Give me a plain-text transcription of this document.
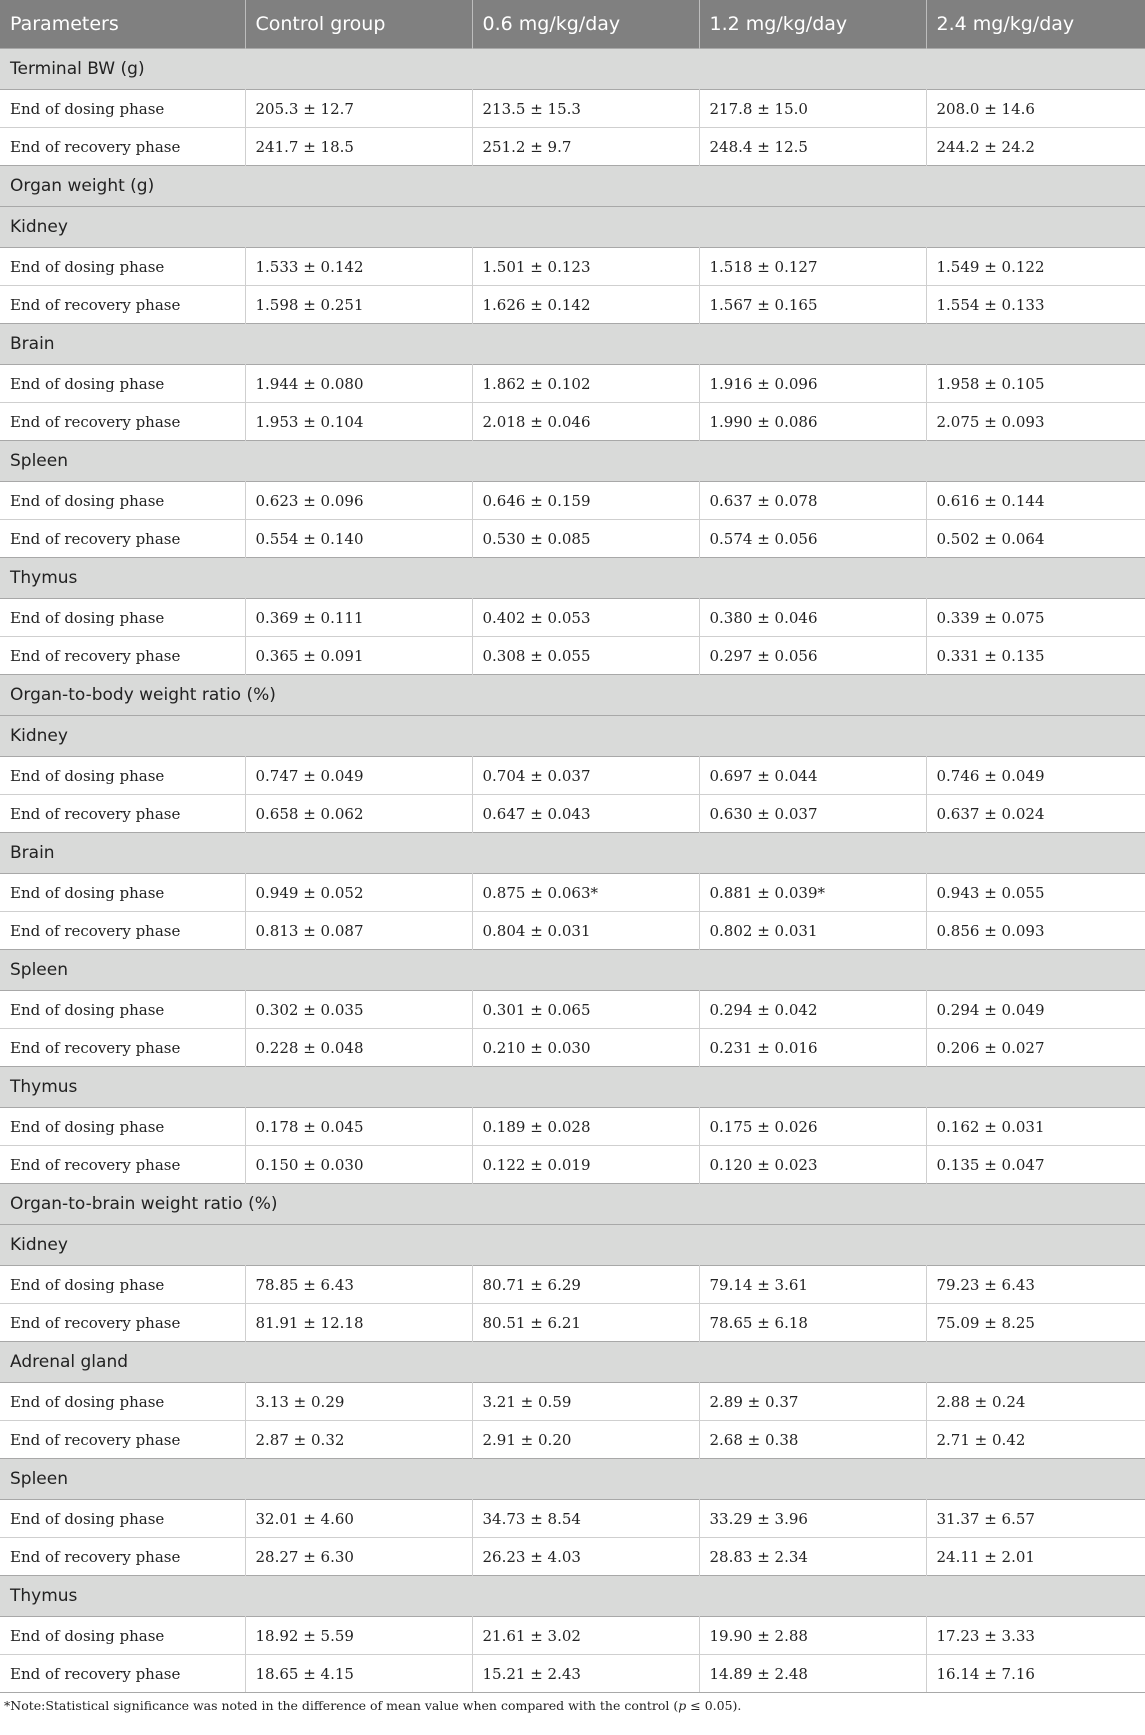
Parameters	Control group	0.6 mg/kg/day	1.2 mg/kg/day	2.4 mg/kg/day
Terminal BW (g)				
End of dosing phase	205.3 ± 12.7	213.5 ± 15.3	217.8 ± 15.0	208.0 ± 14.6
End of recovery phase	241.7 ± 18.5	251.2 ± 9.7	248.4 ± 12.5	244.2 ± 24.2
Organ weight (g)				
Kidney				
End of dosing phase	1.533 ± 0.142	1.501 ± 0.123	1.518 ± 0.127	1.549 ± 0.122
End of recovery phase	1.598 ± 0.251	1.626 ± 0.142	1.567 ± 0.165	1.554 ± 0.133
Brain				
End of dosing phase	1.944 ± 0.080	1.862 ± 0.102	1.916 ± 0.096	1.958 ± 0.105
End of recovery phase	1.953 ± 0.104	2.018 ± 0.046	1.990 ± 0.086	2.075 ± 0.093
Spleen				
End of dosing phase	0.623 ± 0.096	0.646 ± 0.159	0.637 ± 0.078	0.616 ± 0.144
End of recovery phase	0.554 ± 0.140	0.530 ± 0.085	0.574 ± 0.056	0.502 ± 0.064
Thymus				
End of dosing phase	0.369 ± 0.111	0.402 ± 0.053	0.380 ± 0.046	0.339 ± 0.075
End of recovery phase	0.365 ± 0.091	0.308 ± 0.055	0.297 ± 0.056	0.331 ± 0.135
Organ-to-body weight ratio (%)				
Kidney				
End of dosing phase	0.747 ± 0.049	0.704 ± 0.037	0.697 ± 0.044	0.746 ± 0.049
End of recovery phase	0.658 ± 0.062	0.647 ± 0.043	0.630 ± 0.037	0.637 ± 0.024
Brain				
End of dosing phase	0.949 ± 0.052	0.875 ± 0.063*	0.881 ± 0.039*	0.943 ± 0.055
End of recovery phase	0.813 ± 0.087	0.804 ± 0.031	0.802 ± 0.031	0.856 ± 0.093
Spleen				
End of dosing phase	0.302 ± 0.035	0.301 ± 0.065	0.294 ± 0.042	0.294 ± 0.049
End of recovery phase	0.228 ± 0.048	0.210 ± 0.030	0.231 ± 0.016	0.206 ± 0.027
Thymus				
End of dosing phase	0.178 ± 0.045	0.189 ± 0.028	0.175 ± 0.026	0.162 ± 0.031
End of recovery phase	0.150 ± 0.030	0.122 ± 0.019	0.120 ± 0.023	0.135 ± 0.047
Organ-to-brain weight ratio (%)				
Kidney				
End of dosing phase	78.85 ± 6.43	80.71 ± 6.29	79.14 ± 3.61	79.23 ± 6.43
End of recovery phase	81.91 ± 12.18	80.51 ± 6.21	78.65 ± 6.18	75.09 ± 8.25
Adrenal gland				
End of dosing phase	3.13 ± 0.29	3.21 ± 0.59	2.89 ± 0.37	2.88 ± 0.24
End of recovery phase	2.87 ± 0.32	2.91 ± 0.20	2.68 ± 0.38	2.71 ± 0.42
Spleen				
End of dosing phase	32.01 ± 4.60	34.73 ± 8.54	33.29 ± 3.96	31.37 ± 6.57
End of recovery phase	28.27 ± 6.30	26.23 ± 4.03	28.83 ± 2.34	24.11 ± 2.01
Thymus				
End of dosing phase	18.92 ± 5.59	21.61 ± 3.02	19.90 ± 2.88	17.23 ± 3.33
End of recovery phase	18.65 ± 4.15	15.21 ± 2.43	14.89 ± 2.48	16.14 ± 7.16
*Note:Statistical significance was noted in the difference of mean value when compared with the control (p ≤ 0.05).
